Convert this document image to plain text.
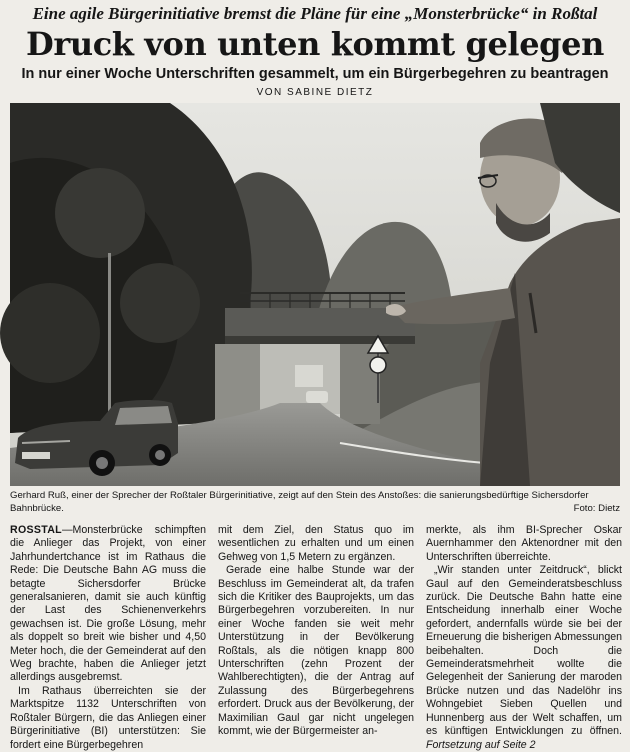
Eine agile Bürgerinitiative bremst die Pläne für eine „Monsterbrücke“ in Roßtal
Druck von unten kommt gelegen
In nur einer Woche Unterschriften gesammelt, um ein Bürgerbegehren zu beantragen
VON SABINE DIETZ
Gerhard Ruß, einer der Sprecher der Roßtaler Bürgerinitiative, zeigt auf den Stein des Anstoßes: die sanierungsbedürftige Sichersdorfer Bahnbrücke.	Foto: Dietz

ROSSTAL—Monsterbrücke schimpften die Anlieger das Projekt, von einer Jahrhundertchance ist im Rathaus die Rede: Die Deutsche Bahn AG muss die betagte Sichersdorfer Brücke generalsanieren, damit sie auch künftig der Last des Schienenverkehrs gewachsen ist. Die große Lösung, mehr als doppelt so breit wie bisher und 4,50 Meter hoch, die der Gemeinderat auf den Weg brachte, haben die Anlieger jetzt allerdings ausgebremst.

Im Rathaus überreichten sie der Marktspitze 1132 Unterschriften von Roßtaler Bürgern, die das Anliegen einer Bürgerinitiative (BI) unterstützen: Sie fordert eine Bürgerbegehren

mit dem Ziel, den Status quo im wesentlichen zu erhalten und um einen Gehweg von 1,5 Metern zu ergänzen.

Gerade eine halbe Stunde war der Beschluss im Gemeinderat alt, da trafen sich die Kritiker des Bauprojekts, um das Bürgerbegehren vorzubereiten. In nur einer Woche fanden sie weit mehr Unterstützung in der Bevölkerung Roßtals, als die nötigen knapp 800 Unterschriften (zehn Prozent der Wahlberechtigten), die der Antrag auf Zulassung des Bürgerbegehrens erfordert. Druck aus der Bevölkerung, der Maximilian Gaul gar nicht ungelegen kommt, wie der Bürgermeister an-

merkte, als ihm BI-Sprecher Oskar Auernhammer den Aktenordner mit den Unterschriften überreichte.

„Wir standen unter Zeitdruck“, blickt Gaul auf den Gemeinderatsbeschluss zurück. Die Deutsche Bahn hatte eine Entscheidung innerhalb einer Woche gefordert, andernfalls würde sie bei der Erneuerung die bisherigen Abmessungen beibehalten. Doch die Gemeinderatsmehrheit wollte die Gelegenheit der Sanierung der maroden Brücke nutzen und das Nadelöhr ins Wohngebiet Sieben Quellen und Hunnenberg aus der Welt schaffen, um es künftigen Entwicklungen zu öffnen. Fortsetzung auf Seite 2
